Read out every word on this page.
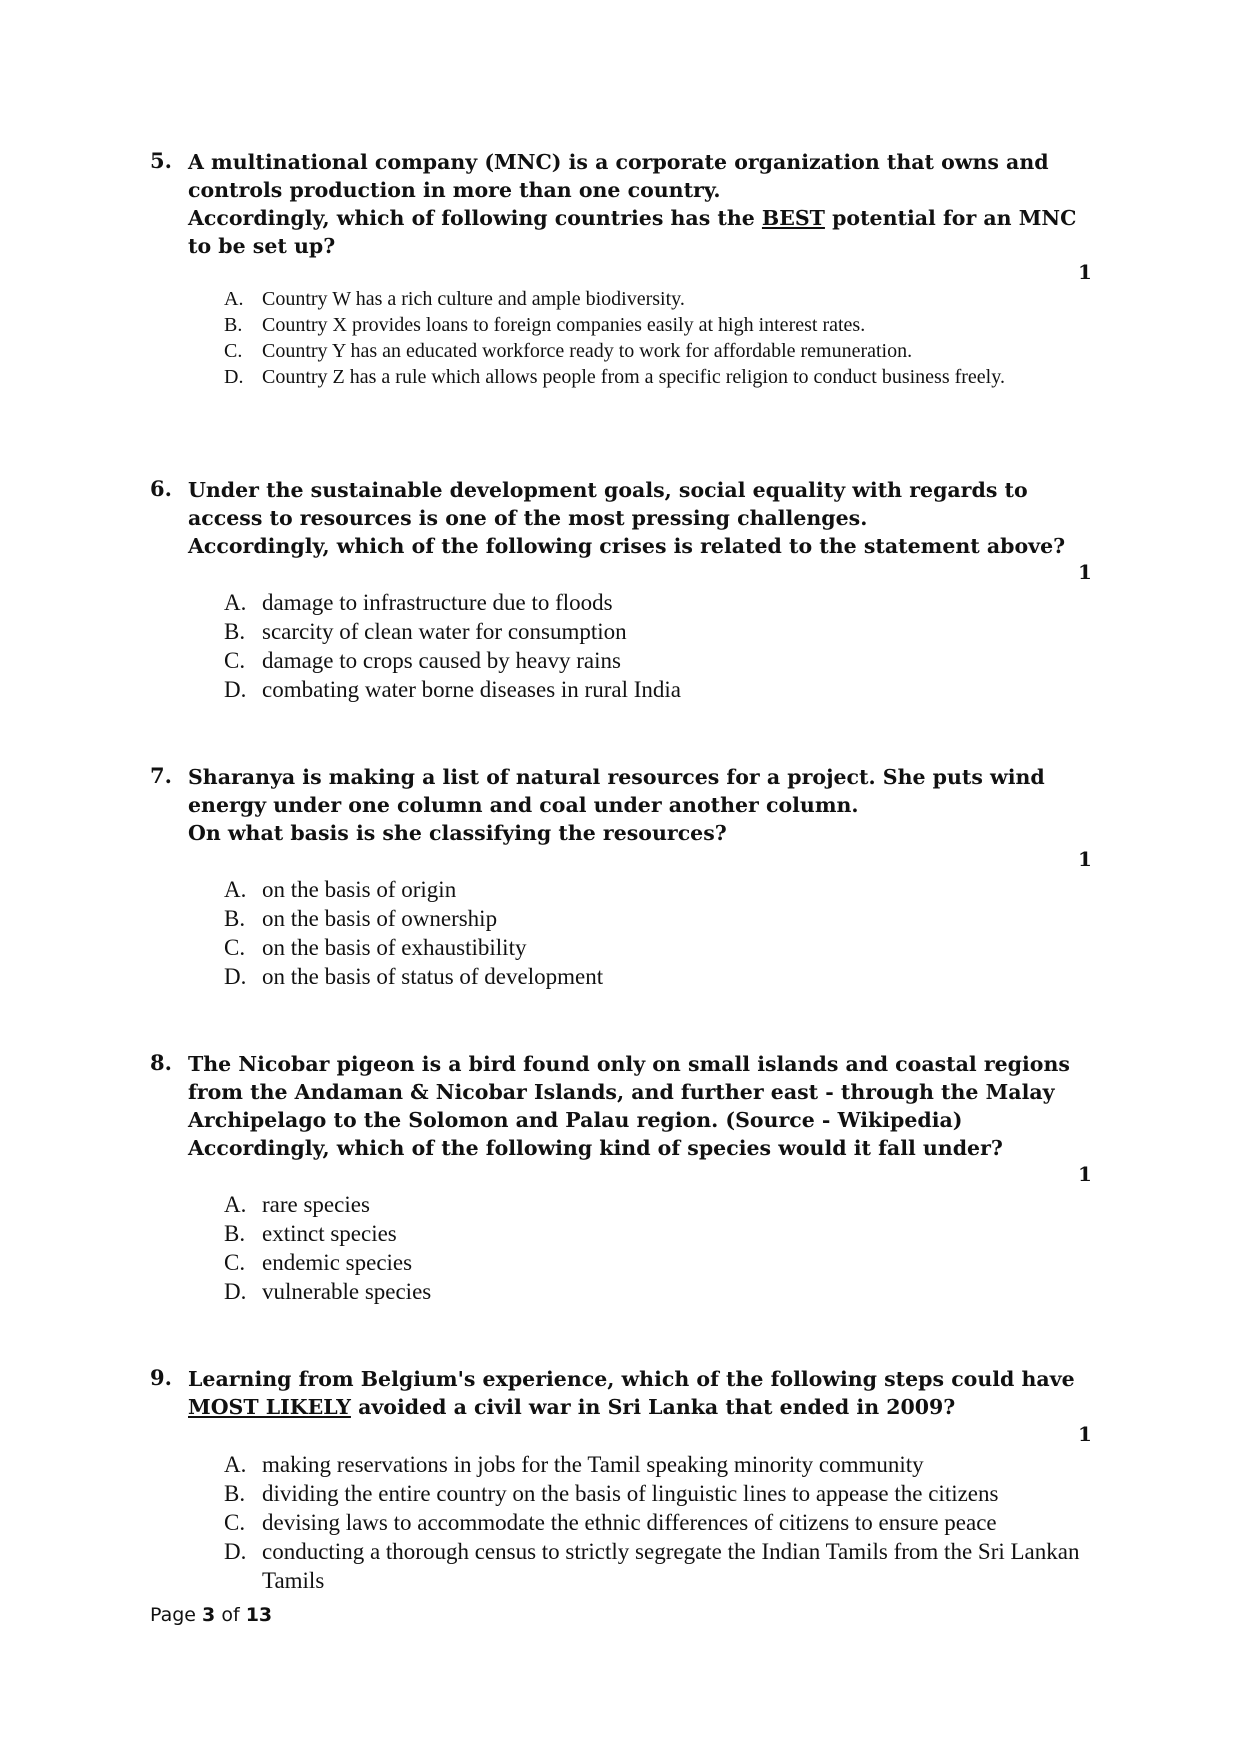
5. A multinational company (MNC) is a corporate organization that owns and controls production in more than one country.

Accordingly, which of following countries has the BEST potential for an MNC to be set up?

1
A. Country W has a rich culture and ample biodiversity.
B. Country X provides loans to foreign companies easily at high interest rates.
C. Country Y has an educated workforce ready to work for affordable remuneration.
D. Country Z has a rule which allows people from a specific religion to conduct business freely.
6. Under the sustainable development goals, social equality with regards to access to resources is one of the most pressing challenges.

Accordingly, which of the following crises is related to the statement above?

1
A. damage to infrastructure due to floods
B. scarcity of clean water for consumption
C. damage to crops caused by heavy rains
D. combating water borne diseases in rural India
7. Sharanya is making a list of natural resources for a project. She puts wind energy under one column and coal under another column.

On what basis is she classifying the resources?

1
A. on the basis of origin
B. on the basis of ownership
C. on the basis of exhaustibility
D. on the basis of status of development
8. The Nicobar pigeon is a bird found only on small islands and coastal regions from the Andaman & Nicobar Islands, and further east - through the Malay Archipelago to the Solomon and Palau region. (Source - Wikipedia)

Accordingly, which of the following kind of species would it fall under?

1
A. rare species
B. extinct species
C. endemic species
D. vulnerable species
9. Learning from Belgium's experience, which of the following steps could have MOST LIKELY avoided a civil war in Sri Lanka that ended in 2009?

1
A. making reservations in jobs for the Tamil speaking minority community
B. dividing the entire country on the basis of linguistic lines to appease the citizens
C. devising laws to accommodate the ethnic differences of citizens to ensure peace
D. conducting a thorough census to strictly segregate the Indian Tamils from the Sri Lankan Tamils
Page 3 of 13
